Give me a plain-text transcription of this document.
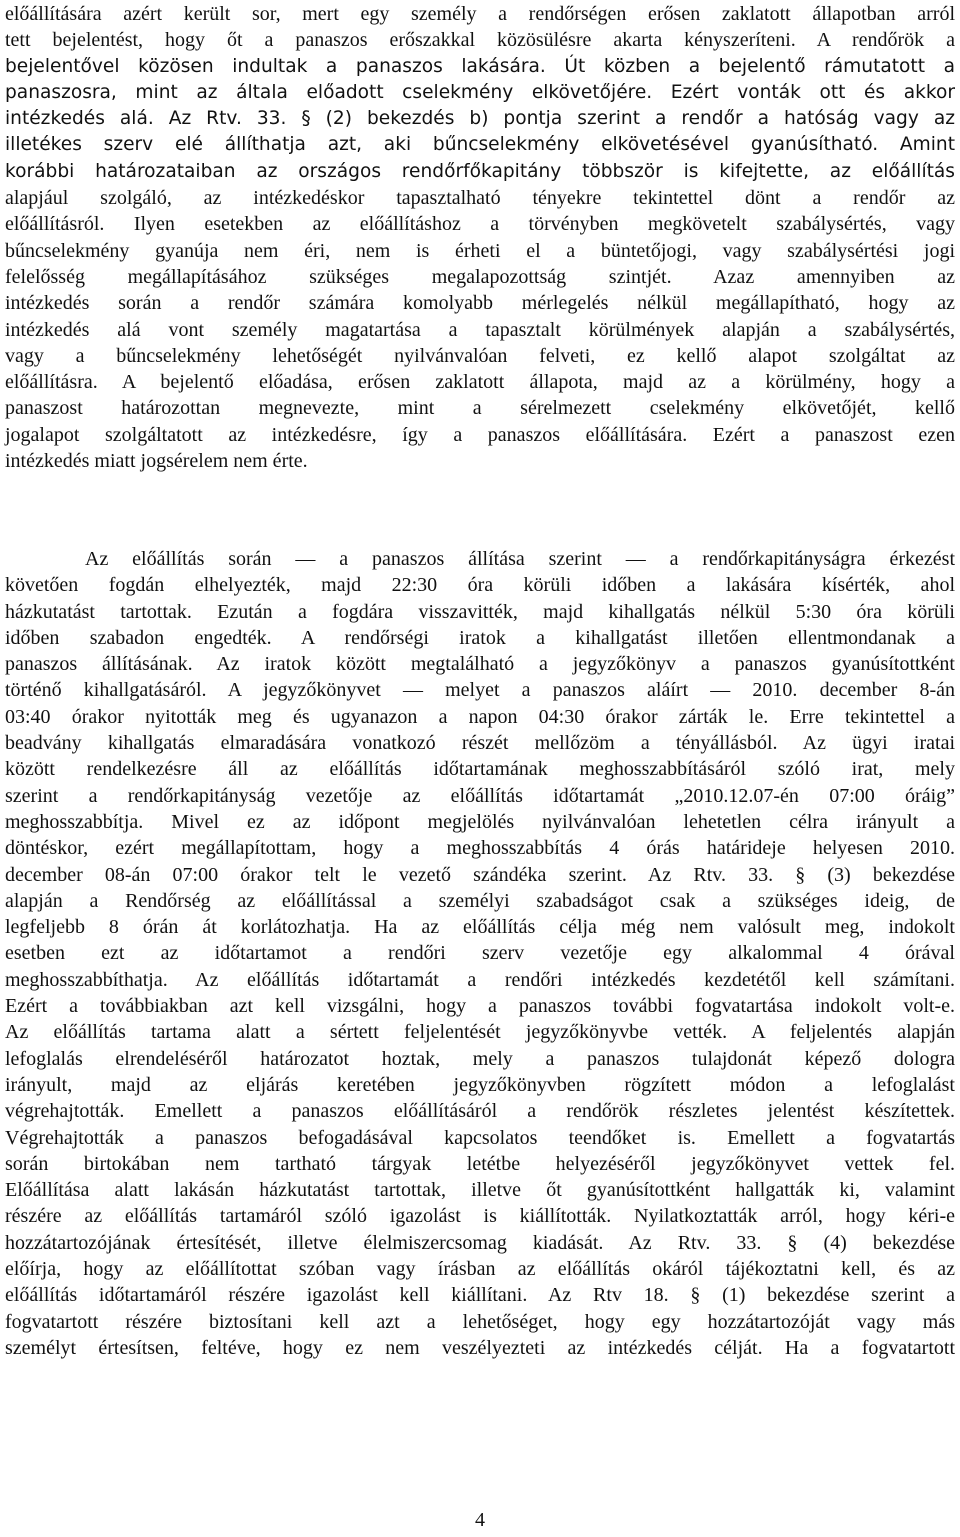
előállítására azért került sor, mert egy személy a rendőrségen erősen zaklatott állapotban arról
tett bejelentést, hogy őt a panaszos erőszakkal közösülésre akarta kényszeríteni. A rendőrök a
bejelentővel közösen indultak a panaszos lakására. Út közben a bejelentő rámutatott a
panaszosra, mint az általa előadott cselekmény elkövetőjére. Ezért vonták ott és akkor
intézkedés alá. Az Rtv. 33. § (2) bekezdés b) pontja szerint a rendőr a hatóság vagy az
illetékes szerv elé állíthatja azt, aki bűncselekmény elkövetésével gyanúsítható. Amint
korábbi határozataiban az országos rendőrfőkapitány többször is kifejtette, az előállítás
alapjául szolgáló, az intézkedéskor tapasztalható tényekre tekintettel dönt a rendőr az
előállításról. Ilyen esetekben az előállításhoz a törvényben megkövetelt szabálysértés, vagy
bűncselekmény gyanúja nem éri, nem is érheti el a büntetőjogi, vagy szabálysértési jogi
felelősség megállapításához szükséges megalapozottság szintjét. Azaz amennyiben az
intézkedés során a rendőr számára komolyabb mérlegelés nélkül megállapítható, hogy az
intézkedés alá vont személy magatartása a tapasztalt körülmények alapján a szabálysértés,
vagy a bűncselekmény lehetőségét nyilvánvalóan felveti, ez kellő alapot szolgáltat az
előállításra. A bejelentő előadása, erősen zaklatott állapota, majd az a körülmény, hogy a
panaszost határozottan megnevezte, mint a sérelmezett cselekmény elkövetőjét, kellő
jogalapot szolgáltatott az intézkedésre, így a panaszos előállítására. Ezért a panaszost ezen
intézkedés miatt jogsérelem nem érte.
Az előállítás során — a panaszos állítása szerint — a rendőrkapitányságra érkezést
követően fogdán elhelyezték, majd 22:30 óra körüli időben a lakására kísérték, ahol
házkutatást tartottak. Ezután a fogdára visszavitték, majd kihallgatás nélkül 5:30 óra körüli
időben szabadon engedték. A rendőrségi iratok a kihallgatást illetően ellentmondanak a
panaszos állításának. Az iratok között megtalálható a jegyzőkönyv a panaszos gyanúsítottként
történő kihallgatásáról. A jegyzőkönyvet — melyet a panaszos aláírt — 2010. december 8-án
03:40 órakor nyitották meg és ugyanazon a napon 04:30 órakor zárták le. Erre tekintettel a
beadvány kihallgatás elmaradására vonatkozó részét mellőzöm a tényállásból. Az ügyi iratai
között rendelkezésre áll az előállítás időtartamának meghosszabbításáról szóló irat, mely
szerint a rendőrkapitányság vezetője az előállítás időtartamát „2010.12.07-én 07:00 óráig”
meghosszabbítja. Mivel ez az időpont megjelölés nyilvánvalóan lehetetlen célra irányult a
döntéskor, ezért megállapítottam, hogy a meghosszabbítás 4 órás határideje helyesen 2010.
december 08-án 07:00 órakor telt le vezető szándéka szerint. Az Rtv. 33. § (3) bekezdése
alapján a Rendőrség az előállítással a személyi szabadságot csak a szükséges ideig, de
legfeljebb 8 órán át korlátozhatja. Ha az előállítás célja még nem valósult meg, indokolt
esetben ezt az időtartamot a rendőri szerv vezetője egy alkalommal 4 órával
meghosszabbíthatja. Az előállítás időtartamát a rendőri intézkedés kezdetétől kell számítani.
Ezért a továbbiakban azt kell vizsgálni, hogy a panaszos további fogvatartása indokolt volt-e.
Az előállítás tartama alatt a sértett feljelentését jegyzőkönyvbe vették. A feljelentés alapján
lefoglalás elrendeléséről határozatot hoztak, mely a panaszos tulajdonát képező dologra
irányult, majd az eljárás keretében jegyzőkönyvben rögzített módon a lefoglalást
végrehajtották. Emellett a panaszos előállításáról a rendőrök részletes jelentést készítettek.
Végrehajtották a panaszos befogadásával kapcsolatos teendőket is. Emellett a fogvatartás
során birtokában nem tartható tárgyak letétbe helyezéséről jegyzőkönyvet vettek fel.
Előállítása alatt lakásán házkutatást tartottak, illetve őt gyanúsítottként hallgatták ki, valamint
részére az előállítás tartamáról szóló igazolást is kiállították. Nyilatkoztatták arról, hogy kéri-e
hozzátartozójának értesítését, illetve élelmiszercsomag kiadását. Az Rtv. 33. § (4) bekezdése
előírja, hogy az előállítottat szóban vagy írásban az előállítás okáról tájékoztatni kell, és az
előállítás időtartamáról részére igazolást kell kiállítani. Az Rtv 18. § (1) bekezdése szerint a
fogvatartott részére biztosítani kell azt a lehetőséget, hogy egy hozzátartozóját vagy más
személyt értesítsen, feltéve, hogy ez nem veszélyezteti az intézkedés célját. Ha a fogvatartott
4
